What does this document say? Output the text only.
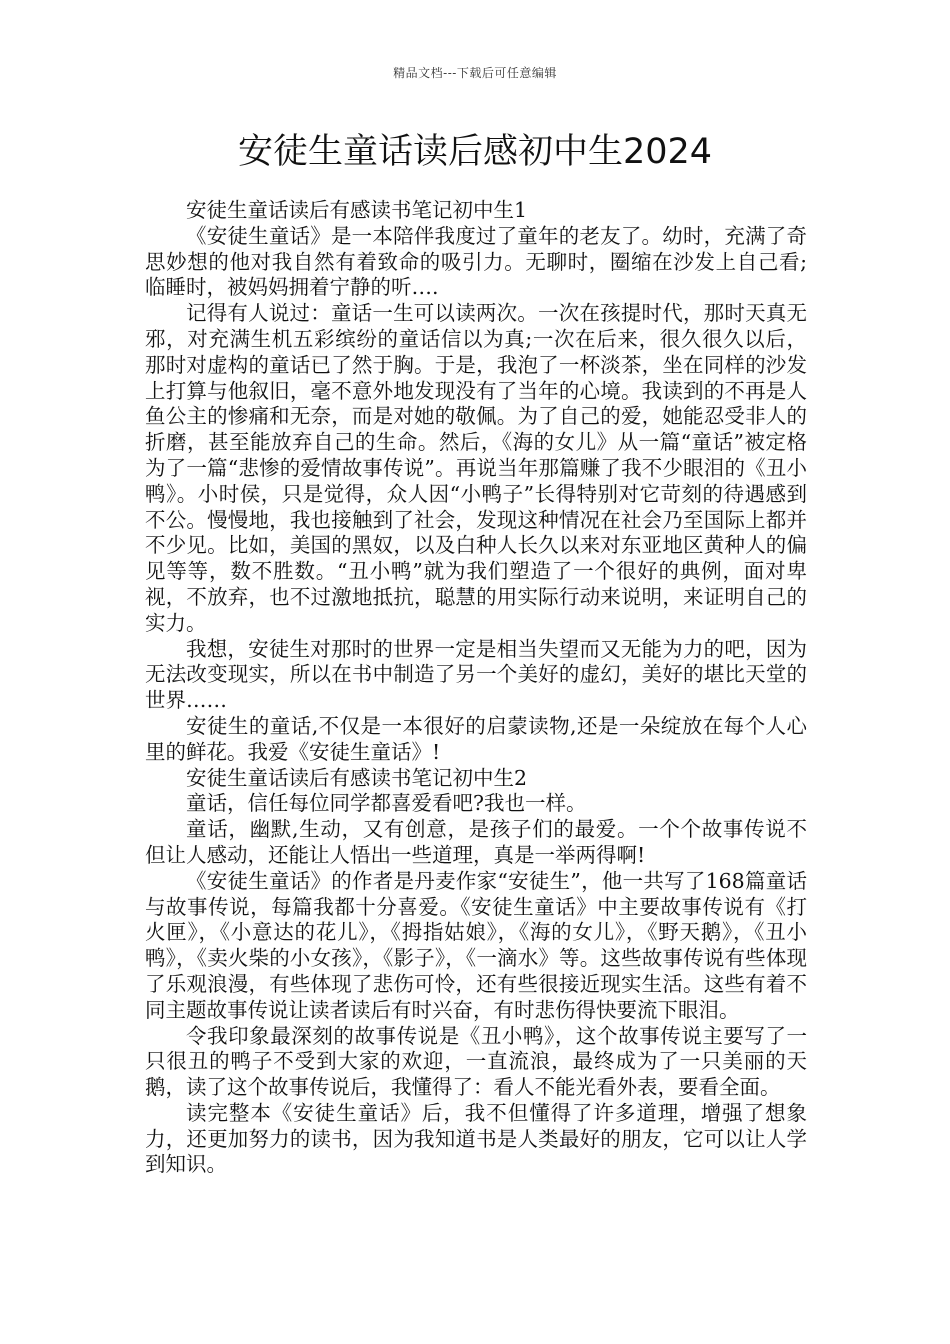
精品文档---下载后可任意编辑
安徒生童话读后感初中生2024

安徒生童话读后有感读书笔记初中生1

《安徒生童话》是一本陪伴我度过了童年的老友了。幼时，充满了奇思妙想的他对我自然有着致命的吸引力。无聊时，圈缩在沙发上自己看;临睡时，被妈妈拥着宁静的听….

记得有人说过：童话一生可以读两次。一次在孩提时代，那时天真无邪，对充满生机五彩缤纷的童话信以为真;一次在后来，很久很久以后，那时对虚构的童话已了然于胸。于是，我泡了一杯淡茶，坐在同样的沙发上打算与他叙旧，毫不意外地发现没有了当年的心境。我读到的不再是人鱼公主的惨痛和无奈，而是对她的敬佩。为了自己的爱，她能忍受非人的折磨，甚至能放弃自己的生命。然后，《海的女儿》从一篇“童话”被定格为了一篇“悲惨的爱情故事传说”。再说当年那篇赚了我不少眼泪的《丑小鸭》。小时侯，只是觉得，众人因“小鸭子”长得特别对它苛刻的待遇感到不公。慢慢地，我也接触到了社会，发现这种情况在社会乃至国际上都并不少见。比如，美国的黑奴，以及白种人长久以来对东亚地区黄种人的偏见等等，数不胜数。“丑小鸭”就为我们塑造了一个很好的典例，面对卑视，不放弃，也不过激地抵抗，聪慧的用实际行动来说明，来证明自己的实力。

我想，安徒生对那时的世界一定是相当失望而又无能为力的吧，因为无法改变现实，所以在书中制造了另一个美好的虚幻，美好的堪比天堂的世界……

安徒生的童话,不仅是一本很好的启蒙读物,还是一朵绽放在每个人心里的鲜花。我爱《安徒生童话》!

安徒生童话读后有感读书笔记初中生2

童话，信任每位同学都喜爱看吧?我也一样。

童话，幽默,生动，又有创意，是孩子们的最爱。一个个故事传说不但让人感动，还能让人悟出一些道理，真是一举两得啊!

《安徒生童话》的作者是丹麦作家“安徒生”，他一共写了168篇童话与故事传说，每篇我都十分喜爱。《安徒生童话》中主要故事传说有《打火匣》，《小意达的花儿》，《拇指姑娘》，《海的女儿》，《野天鹅》，《丑小鸭》，《卖火柴的小女孩》，《影子》，《一滴水》等。这些故事传说有些体现了乐观浪漫，有些体现了悲伤可怜，还有些很接近现实生活。这些有着不同主题故事传说让读者读后有时兴奋，有时悲伤得快要流下眼泪。

令我印象最深刻的故事传说是《丑小鸭》，这个故事传说主要写了一只很丑的鸭子不受到大家的欢迎，一直流浪，最终成为了一只美丽的天鹅，读了这个故事传说后，我懂得了：看人不能光看外表，要看全面。

读完整本《安徒生童话》后，我不但懂得了许多道理，增强了想象力，还更加努力的读书，因为我知道书是人类最好的朋友，它可以让人学到知识。
